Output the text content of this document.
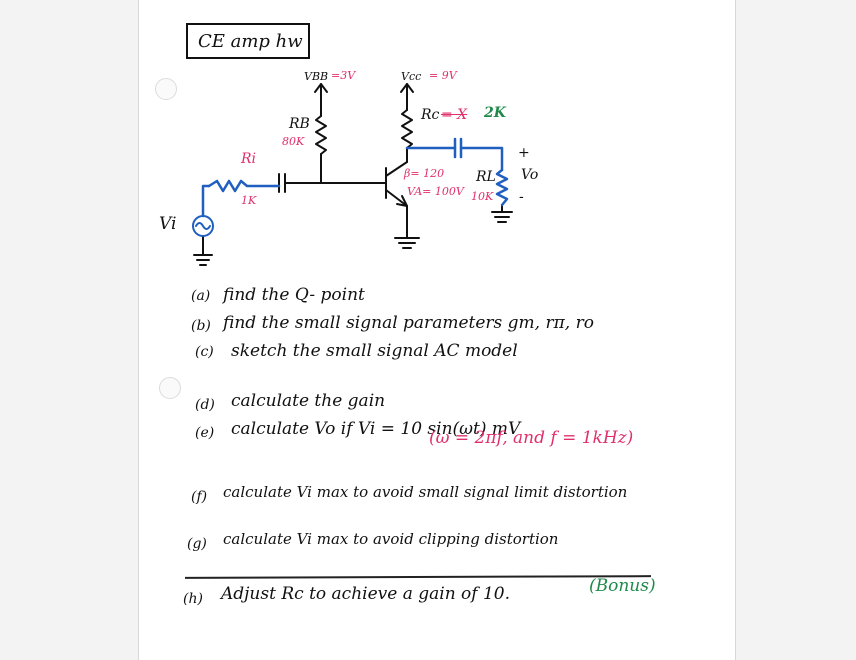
CE amp hw

VBB =3V	Vcc = 9V

RB

80K

Rc = X 2K

Ri

1K

β= 120

VA= 100V

RL

10K

Vo

+

-

Vi

(a) find the Q- point

(b) find the small signal parameters gm, rπ, ro

(c) sketch the small signal AC model

(d) calculate the gain

(e) calculate Vo if Vi = 10 sin(ωt) mV

(ω = 2πf, and f = 1kHz)

(f) calculate Vi max to avoid small signal limit distortion

(g) calculate Vi max to avoid clipping distortion

(h) Adjust Rc to achieve a gain of 10.	(Bonus)
